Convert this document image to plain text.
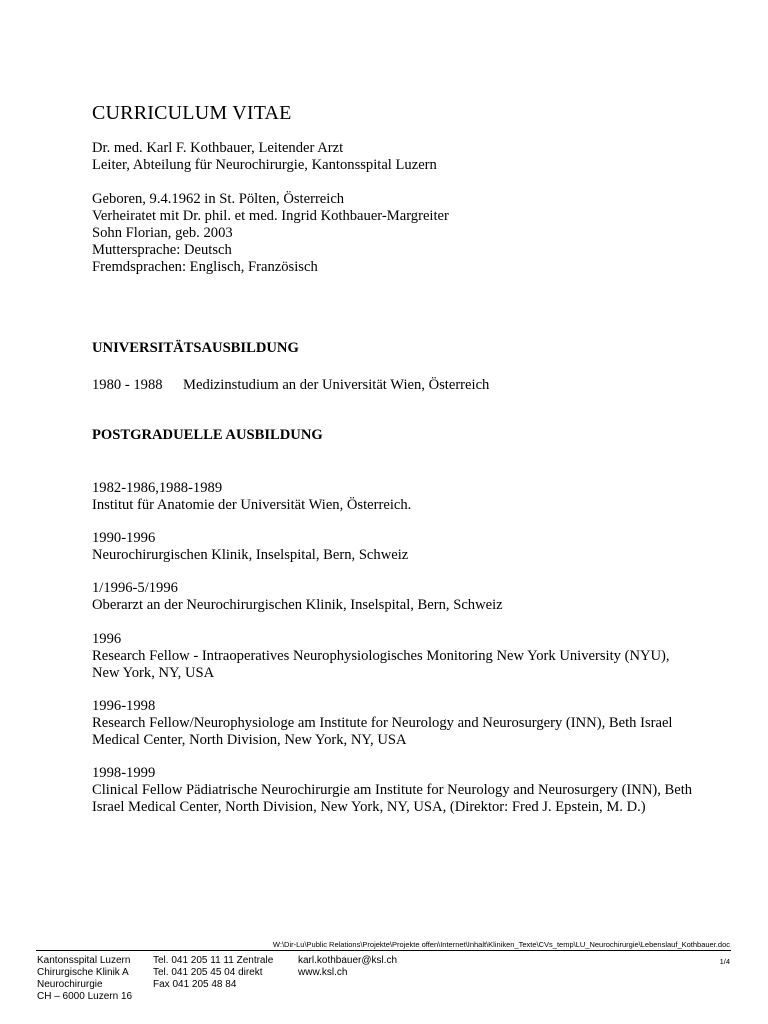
CURRICULUM VITAE
Dr. med. Karl F. Kothbauer, Leitender Arzt
Leiter, Abteilung für Neurochirurgie, Kantonsspital Luzern
Geboren, 9.4.1962 in St. Pölten, Österreich
Verheiratet mit Dr. phil. et med. Ingrid Kothbauer-Margreiter
Sohn Florian, geb. 2003
Muttersprache: Deutsch
Fremdsprachen: Englisch, Französisch
UNIVERSITÄTSAUSBILDUNG
1980 - 1988 Medizinstudium an der Universität Wien, Österreich
POSTGRADUELLE AUSBILDUNG
1982-1986,1988-1989
Institut für Anatomie der Universität Wien, Österreich.
1990-1996
Neurochirurgischen Klinik, Inselspital, Bern, Schweiz
1/1996-5/1996
Oberarzt an der Neurochirurgischen Klinik, Inselspital, Bern, Schweiz
1996
Research Fellow - Intraoperatives Neurophysiologisches Monitoring New York University (NYU),
New York, NY, USA
1996-1998
Research Fellow/Neurophysiologe am Institute for Neurology and Neurosurgery (INN), Beth Israel
Medical Center, North Division, New York, NY, USA
1998-1999
Clinical Fellow Pädiatrische Neurochirurgie am Institute for Neurology and Neurosurgery (INN), Beth
Israel Medical Center, North Division, New York, NY, USA, (Direktor: Fred J. Epstein, M. D.)
W:\Dir-Lu\Public Relations\Projekte\Projekte offen\Internet\Inhalt\Kliniken_Texte\CVs_temp\LU_Neurochirurgie\Lebenslauf_Kothbauer.doc
Kantonsspital Luzern
Chirurgische Klinik A
Neurochirurgie
CH – 6000 Luzern 16
Tel. 041 205 11 11 Zentrale
Tel. 041 205 45 04 direkt
Fax 041 205 48 84
karl.kothbauer@ksl.ch
www.ksl.ch
1/4
